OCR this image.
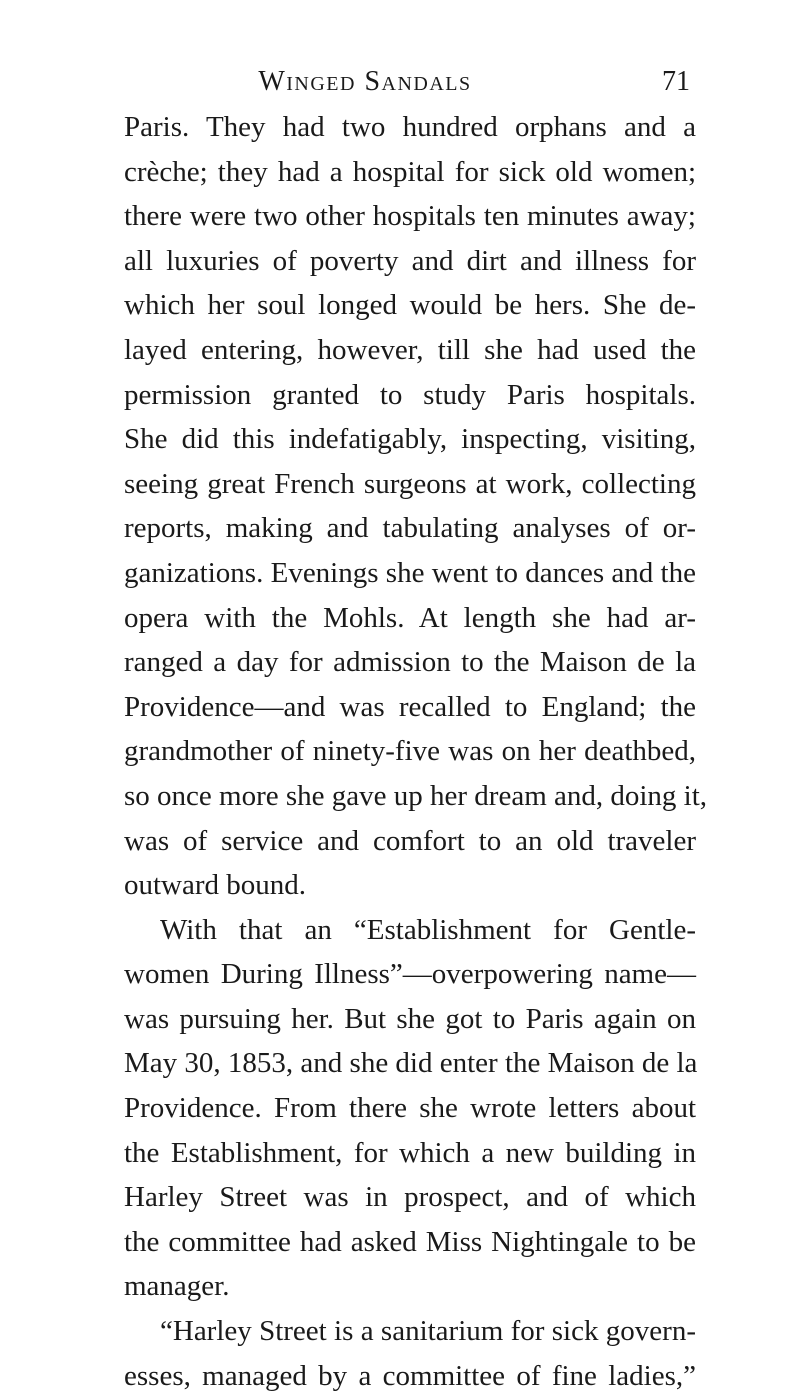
Winged Sandals	71
Paris. They had two hundred orphans and a
crèche; they had a hospital for sick old women;
there were two other hospitals ten minutes away;
all luxuries of poverty and dirt and illness for
which her soul longed would be hers. She de-
layed entering, however, till she had used the
permission granted to study Paris hospitals.
She did this indefatigably, inspecting, visiting,
seeing great French surgeons at work, collecting
reports, making and tabulating analyses of or-
ganizations. Evenings she went to dances and the
opera with the Mohls. At length she had ar-
ranged a day for admission to the Maison de la
Providence—and was recalled to England; the
grandmother of ninety-five was on her deathbed,
so once more she gave up her dream and, doing it,
was of service and comfort to an old traveler
outward bound.
With that an “Establishment for Gentle-
women During Illness”—overpowering name—
was pursuing her. But she got to Paris again on
May 30, 1853, and she did enter the Maison de la
Providence. From there she wrote letters about
the Establishment, for which a new building in
Harley Street was in prospect, and of which
the committee had asked Miss Nightingale to be
manager.
“Harley Street is a sanitarium for sick govern-
esses, managed by a committee of fine ladies,”
